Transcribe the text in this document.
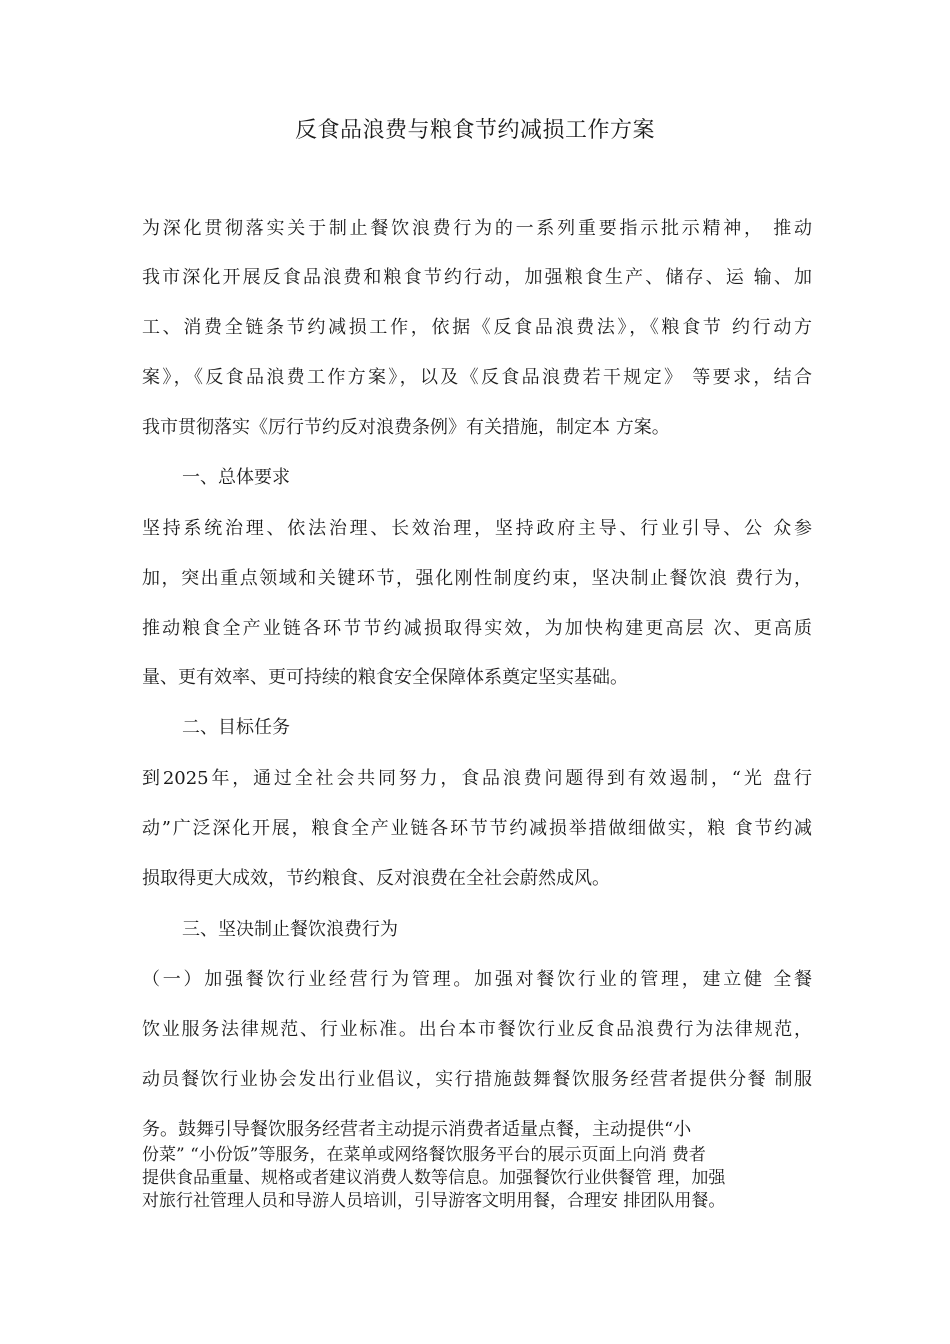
反食品浪费与粮食节约减损工作方案
为深化贯彻落实关于制止餐饮浪费行为的一系列重要指示批示精神， 推动
我市深化开展反食品浪费和粮食节约行动，加强粮食生产、储存、运 输、加
工、消费全链条节约减损工作，依据《反食品浪费法》，《粮食节 约行动方
案》，《反食品浪费工作方案》，以及《反食品浪费若干规定》 等要求，结合
我市贯彻落实《厉行节约反对浪费条例》有关措施，制定本 方案。
一、总体要求
坚持系统治理、依法治理、长效治理，坚持政府主导、行业引导、公 众参
加，突出重点领域和关键环节，强化刚性制度约束，坚决制止餐饮浪 费行为，
推动粮食全产业链各环节节约减损取得实效，为加快构建更高层 次、更高质
量、更有效率、更可持续的粮食安全保障体系奠定坚实基础。
二、目标任务
到2025年，通过全社会共同努力，食品浪费问题得到有效遏制，“光 盘行
动”广泛深化开展，粮食全产业链各环节节约减损举措做细做实，粮 食节约减
损取得更大成效，节约粮食、反对浪费在全社会蔚然成风。
三、坚决制止餐饮浪费行为
（一）加强餐饮行业经营行为管理。加强对餐饮行业的管理，建立健 全餐
饮业服务法律规范、行业标准。出台本市餐饮行业反食品浪费行为法律规范，
动员餐饮行业协会发出行业倡议，实行措施鼓舞餐饮服务经营者提供分餐 制服
务。鼓舞引导餐饮服务经营者主动提示消费者适量点餐，主动提供“小
份菜” “小份饭”等服务，在菜单或网络餐饮服务平台的展示页面上向消 费者
提供食品重量、规格或者建议消费人数等信息。加强餐饮行业供餐管 理，加强
对旅行社管理人员和导游人员培训，引导游客文明用餐，合理安 排团队用餐。
